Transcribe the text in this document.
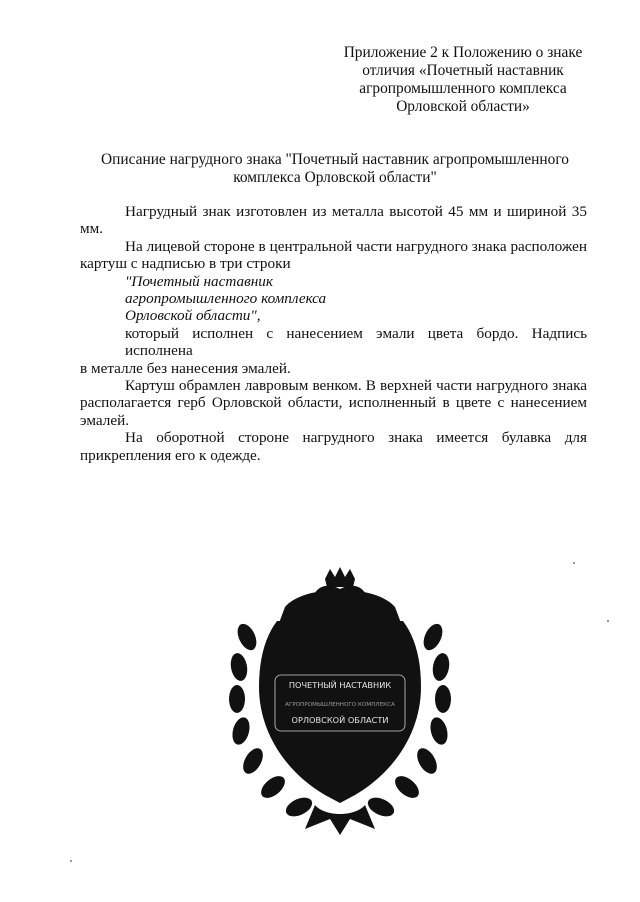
Приложение 2 к Положению о знаке
отличия «Почетный наставник
агропромышленного комплекса
Орловской области»
Описание нагрудного знака "Почетный наставник агропромышленного
комплекса Орловской области"

Нагрудный знак изготовлен из металла высотой 45 мм и шириной 35 мм.

На лицевой стороне в центральной части нагрудного знака расположен картуш с надписью в три строки

"Почетный наставник

агропромышленного комплекса

Орловской области",

который исполнен с нанесением эмали цвета бордо. Надпись исполнена

в металле без нанесения эмалей.

Картуш обрамлен лавровым венком. В верхней части нагрудного знака располагается герб Орловской области, исполненный в цвете с нанесением эмалей.

На оборотной стороне нагрудного знака имеется булавка для прикрепления его к одежде.

ПОЧЕТНЫЙ НАСТАВНИК
АГРОПРОМЫШЛЕННОГО КОМПЛЕКСА
ОРЛОВСКОЙ ОБЛАСТИ
